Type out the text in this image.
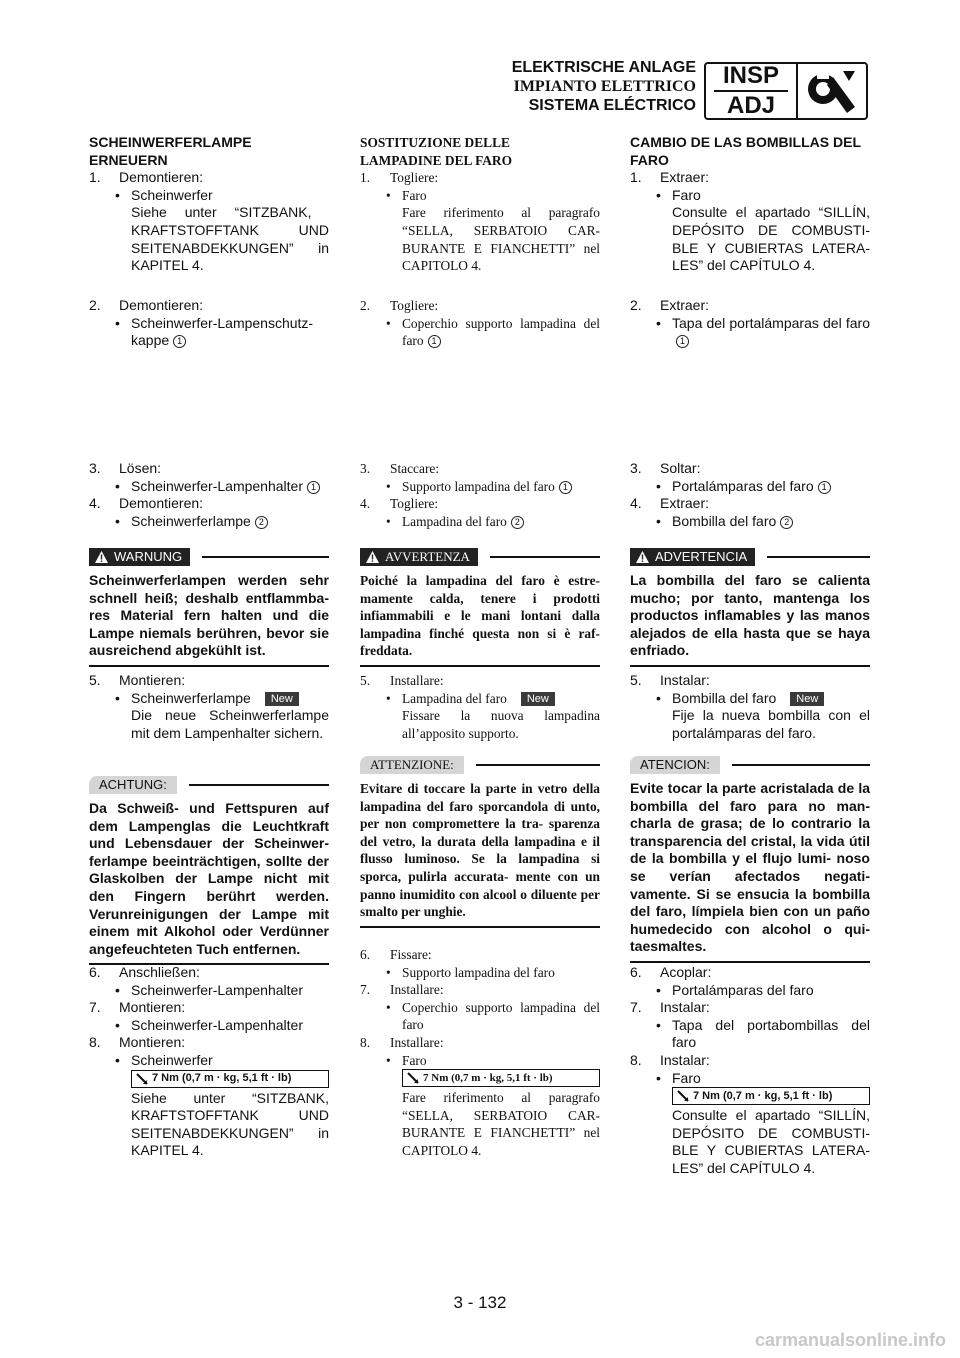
ELEKTRISCHE ANLAGE
IMPIANTO ELETTRICO
SISTEMA ELÉCTRICO
INSP
ADJ
SCHEINWERFERLAMPE
ERNEUERN
1.	Demontieren:
• Scheinwerfer
Siehe unter “SITZBANK,
KRAFTSTOFFTANK UND
SEITENABDEKKUNGEN” in
KAPITEL 4.
2.	Demontieren:
• Scheinwerfer-Lampenschutz-
kappe 1
3.	Lösen:
• Scheinwerfer-Lampenhalter 1
4.	Demontieren:
• Scheinwerferlampe 2
WARNUNG
Scheinwerferlampen werden sehr schnell heiß; deshalb entflammba- res Material fern halten und die Lampe niemals berühren, bevor sie ausreichend abgekühlt ist.
5.	Montieren:
• Scheinwerferlampe New
Die neue Scheinwerferlampe mit dem Lampenhalter sichern.
ACHTUNG:
Da Schweiß- und Fettspuren auf dem Lampenglas die Leuchtkraft und Lebensdauer der Scheinwer- ferlampe beeinträchtigen, sollte der Glaskolben der Lampe nicht mit den Fingern berührt werden. Verunreinigungen der Lampe mit einem mit Alkohol oder Verdünner angefeuchteten Tuch entfernen.
6.	Anschließen:
• Scheinwerfer-Lampenhalter
7.	Montieren:
• Scheinwerfer-Lampenhalter
8.	Montieren:
• Scheinwerfer
7 Nm (0,7 m · kg, 5,1 ft · lb)
Siehe unter “SITZBANK,
KRAFTSTOFFTANK UND
SEITENABDEKKUNGEN” in
KAPITEL 4.
SOSTITUZIONE DELLE
LAMPADINE DEL FARO
1.	Togliere:
• Faro
Fare riferimento al paragrafo “SELLA, SERBATOIO CAR- BURANTE E FIANCHETTI” nel CAPITOLO 4.
2.	Togliere:
• Coperchio supporto lampadina del faro 1
3.	Staccare:
• Supporto lampadina del faro 1
4.	Togliere:
• Lampadina del faro 2
AVVERTENZA
Poiché la lampadina del faro è estre- mamente calda, tenere i prodotti infiammabili e le mani lontani dalla lampadina finché questa non si è raf- freddata.
5.	Installare:
• Lampadina del faro New
Fissare la nuova lampadina all’apposito supporto.
ATTENZIONE:
Evitare di toccare la parte in vetro della lampadina del faro sporcandola di unto, per non compromettere la tra- sparenza del vetro, la durata della lampadina e il flusso luminoso. Se la lampadina si sporca, pulirla accurata- mente con un panno inumidito con alcool o diluente per smalto per unghie.
6.	Fissare:
• Supporto lampadina del faro
7.	Installare:
• Coperchio supporto lampadina del faro
8.	Installare:
• Faro
7 Nm (0,7 m · kg, 5,1 ft · lb)
Fare riferimento al paragrafo “SELLA, SERBATOIO CAR- BURANTE E FIANCHETTI” nel CAPITOLO 4.
CAMBIO DE LAS BOMBILLAS DEL
FARO
1.	Extraer:
• Faro
Consulte el apartado “SILLÍN, DEPÓSITO DE COMBUSTI- BLE Y CUBIERTAS LATERA- LES” del CAPÍTULO 4.
2.	Extraer:
• Tapa del portalámparas del faro1
3.	Soltar:
• Portalámparas del faro 1
4.	Extraer:
• Bombilla del faro 2
ADVERTENCIA
La bombilla del faro se calienta mucho; por tanto, mantenga los productos inflamables y las manos alejados de ella hasta que se haya enfriado.
5.	Instalar:
• Bombilla del faro New
Fije la nueva bombilla con el portalámparas del faro.
ATENCION:
Evite tocar la parte acristalada de la bombilla del faro para no man- charla de grasa; de lo contrario la transparencia del cristal, la vida útil de la bombilla y el flujo lumi- noso se verían afectados negati- vamente. Si se ensucia la bombilla del faro, límpiela bien con un paño humedecido con alcohol o qui- taesmaltes.
6.	Acoplar:
• Portalámparas del faro
7.	Instalar:
• Tapa del portabombillas del faro
8.	Instalar:
• Faro
7 Nm (0,7 m · kg, 5,1 ft · lb)
Consulte el apartado “SILLÍN, DEPÓSITO DE COMBUSTI- BLE Y CUBIERTAS LATERA- LES” del CAPÍTULO 4.
3 - 132
carmanualsonline.info
